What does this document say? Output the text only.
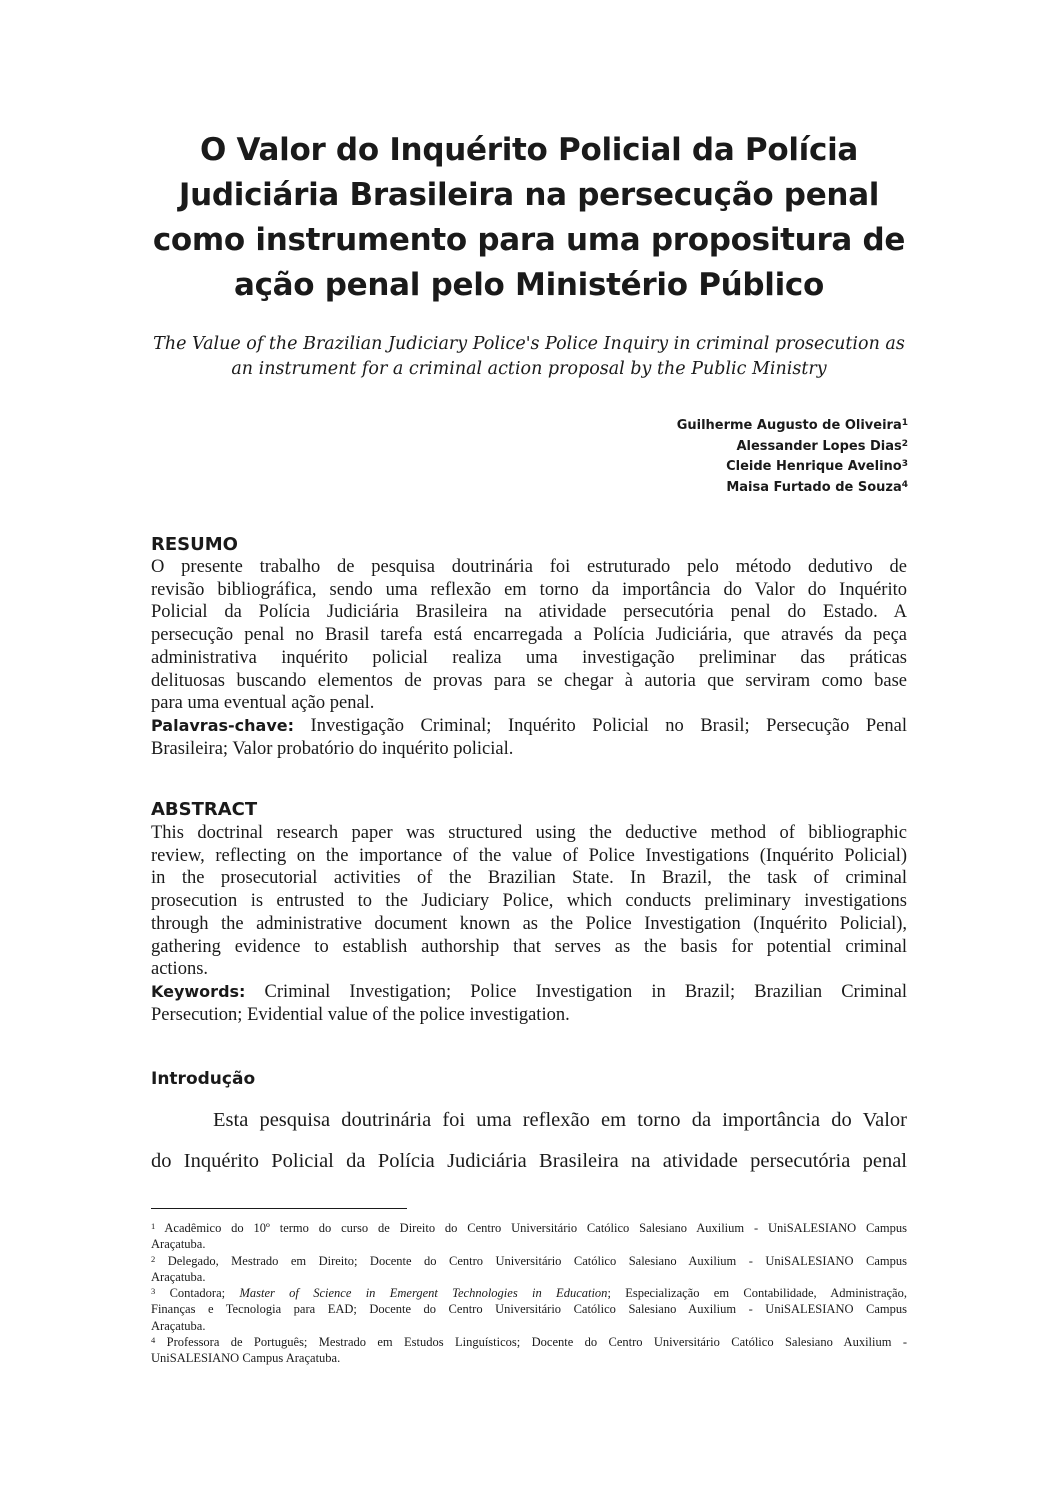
O Valor do Inquérito Policial da Polícia
Judiciária Brasileira na persecução penal
como instrumento para uma propositura de
ação penal pelo Ministério Público
The Value of the Brazilian Judiciary Police's Police Inquiry in criminal prosecution as
an instrument for a criminal action proposal by the Public Ministry
Guilherme Augusto de Oliveira$^1$
Alessander Lopes Dias$^2$
Cleide Henrique Avelino$^3$
Maisa Furtado de Souza$^4$
RESUMO
O presente trabalho de pesquisa doutrinária foi estruturado pelo método dedutivo de
revisão bibliográfica, sendo uma reflexão em torno da importância do Valor do Inquérito
Policial da Polícia Judiciária Brasileira na atividade persecutória penal do Estado. A
persecução penal no Brasil tarefa está encarregada a Polícia Judiciária, que através da peça
administrativa inquérito policial realiza uma investigação preliminar das práticas
delituosas buscando elementos de provas para se chegar à autoria que serviram como base
para uma eventual ação penal.
Palavras-chave: Investigação Criminal; Inquérito Policial no Brasil; Persecução Penal
Brasileira; Valor probatório do inquérito policial.
ABSTRACT
This doctrinal research paper was structured using the deductive method of bibliographic
review, reflecting on the importance of the value of Police Investigations (Inquérito Policial)
in the prosecutorial activities of the Brazilian State. In Brazil, the task of criminal
prosecution is entrusted to the Judiciary Police, which conducts preliminary investigations
through the administrative document known as the Police Investigation (Inquérito Policial),
gathering evidence to establish authorship that serves as the basis for potential criminal
actions.
Keywords: Criminal Investigation; Police Investigation in Brazil; Brazilian Criminal
Persecution; Evidential value of the police investigation.
Introdução
Esta pesquisa doutrinária foi uma reflexão em torno da importância do Valor
do Inquérito Policial da Polícia Judiciária Brasileira na atividade persecutória penal
$^1$ Acadêmico do 10º termo do curso de Direito do Centro Universitário Católico Salesiano Auxilium - UniSALESIANO Campus
Araçatuba.
$^2$ Delegado, Mestrado em Direito; Docente do Centro Universitário Católico Salesiano Auxilium - UniSALESIANO Campus
Araçatuba.
$^3$ Contadora; Master of Science in Emergent Technologies in Education; Especialização em Contabilidade, Administração,
Finanças e Tecnologia para EAD; Docente do Centro Universitário Católico Salesiano Auxilium - UniSALESIANO Campus
Araçatuba.
$^4$ Professora de Português; Mestrado em Estudos Linguísticos; Docente do Centro Universitário Católico Salesiano Auxilium -
UniSALESIANO Campus Araçatuba.
